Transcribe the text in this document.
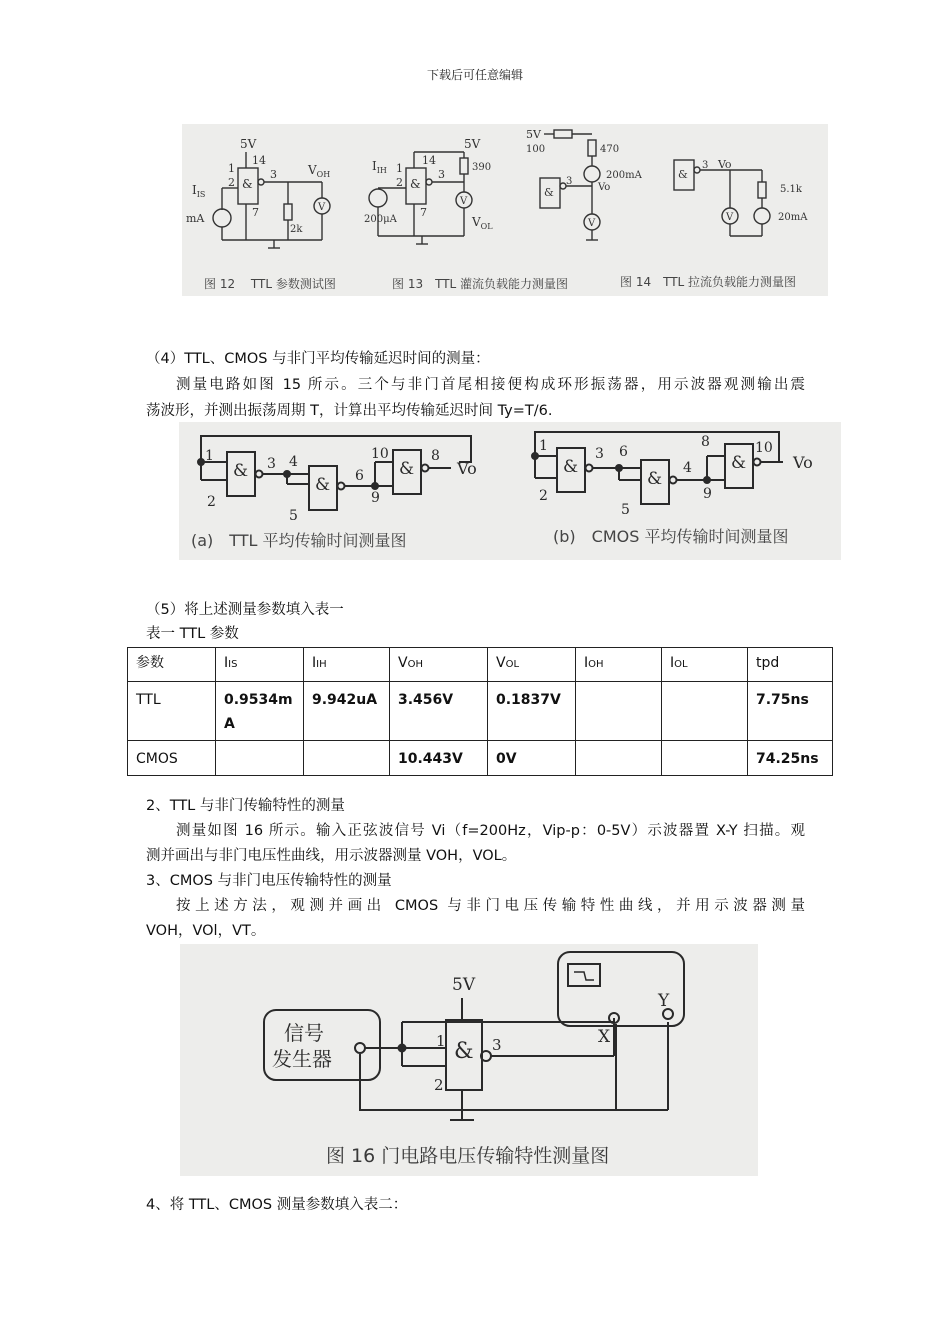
下载后可任意编辑
5V
14
&
1
2
3
7
$I_{IS}$
mA
2k
V
$V_{OH}$
图 12　 TTL 参数测试图
5V
14
&
1
2
3
390
V
7
$I_{IH}$
200μA	$V_{OL}$
图 13　TTL 灌流负载能力测量图
5V
100	470
200mA
Vo
&
3
V
&
3 Vo
V
5.1k
20mA
图 14　TTL 拉流负载能力测量图
（4）TTL、CMOS 与非门平均传输延迟时间的测量：
测量电路如图 15 所示。三个与非门首尾相接便构成环形振荡器，用示波器观测输出震
荡波形，并测出振荡周期 T，计算出平均传输延迟时间 Ty=T/6.
&
&
&
1
2
3 4
5
6
10	8
9
Vo
(a)　TTL 平均传输时间测量图
&
&
&
1
2
3 6
5
4
8	10
9
Vo
(b)　CMOS 平均传输时间测量图
（5）将上述测量参数填入表一
表一 TTL 参数
参数	IIS	IIH	VOH	VOL	IOH	IOL	tpd
TTL	0.9534mA	9.942uA	3.456V	0.1837V			7.75ns
CMOS			10.443V	0V			74.25ns
2、TTL 与非门传输特性的测量
测量如图 16 所示。输入正弦波信号 Vi（f=200Hz，Vip-p：0-5V）示波器置 X-Y 扫描。观
测并画出与非门电压性曲线，用示波器测量 VOH，VOL。
3、CMOS 与非门电压传输特性的测量
按上述方法，观测并画出 CMOS 与非门电压传输特性曲线，并用示波器测量
VOH，VOl，VT。
5V
信号
发生器	&
1
2
3	X
Y
图 16 门电路电压传输特性测量图
4、将 TTL、CMOS 测量参数填入表二：
